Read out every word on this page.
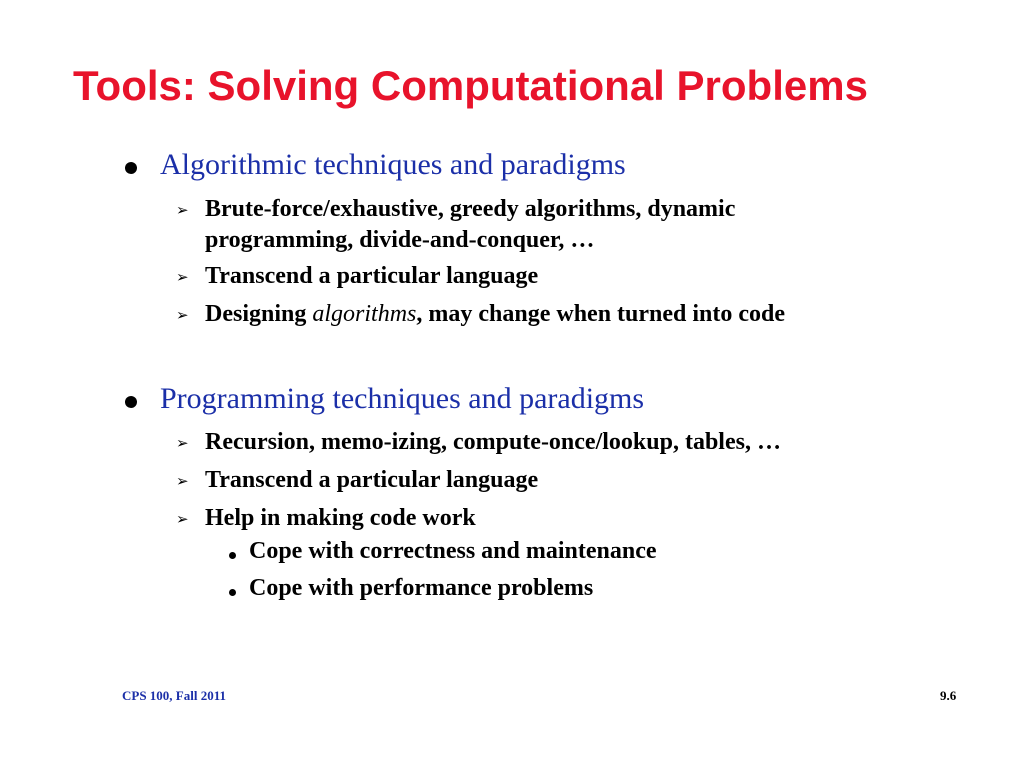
Tools: Solving Computational Problems
Algorithmic techniques and paradigms
➢ Brute-force/exhaustive, greedy algorithms, dynamic
programming, divide-and-conquer, …
➢ Transcend a particular language
➢ Designing algorithms, may change when turned into code
Programming techniques and paradigms
➢ Recursion, memo-izing, compute-once/lookup, tables, …
➢ Transcend a particular language
➢ Help in making code work
Cope with correctness and maintenance
Cope with performance problems
CPS 100, Fall 2011	9.6
